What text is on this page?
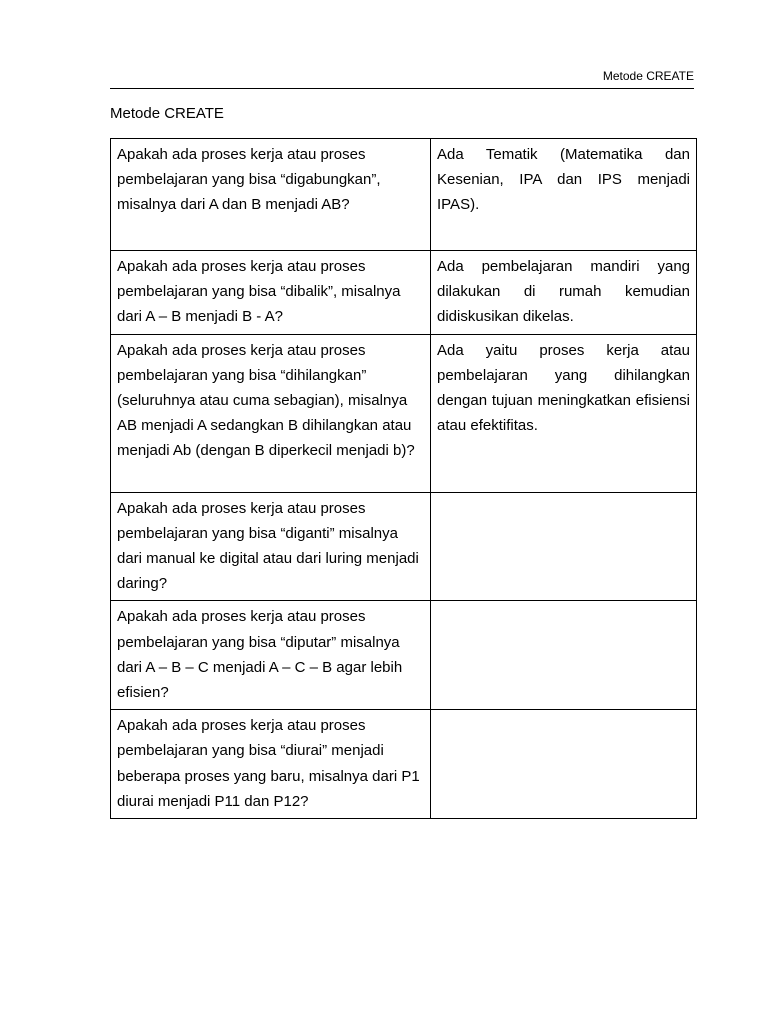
Metode CREATE
Metode CREATE
Apakah ada proses kerja atau proses pembelajaran yang bisa “digabungkan”, misalnya dari A dan B menjadi AB?	Ada Tematik (Matematika dan Kesenian, IPA dan IPS menjadi IPAS).
Apakah ada proses kerja atau proses pembelajaran yang bisa “dibalik”, misalnya dari A – B menjadi B - A?	Ada pembelajaran mandiri yang dilakukan di rumah kemudian didiskusikan dikelas.
Apakah ada proses kerja atau proses pembelajaran yang bisa “dihilangkan” (seluruhnya atau cuma sebagian), misalnya AB menjadi A sedangkan B dihilangkan atau menjadi Ab (dengan B diperkecil menjadi b)?	Ada yaitu proses kerja atau pembelajaran yang dihilangkan dengan tujuan meningkatkan efisiensi atau efektifitas.
Apakah ada proses kerja atau proses pembelajaran yang bisa “diganti” misalnya dari manual ke digital atau dari luring menjadi daring?	
Apakah ada proses kerja atau proses pembelajaran yang bisa “diputar” misalnya dari A – B – C menjadi A – C – B agar lebih efisien?	
Apakah ada proses kerja atau proses pembelajaran yang bisa “diurai” menjadi beberapa proses yang baru, misalnya dari P1 diurai menjadi P11 dan P12?	
